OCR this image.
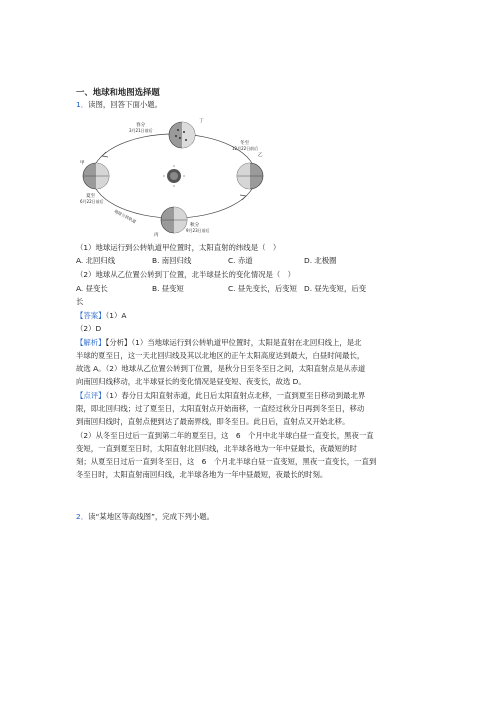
一、地球和地图选择题
1．读图，回答下面小题。
春分
3月21日前后
丁
冬至
12月22日前后
乙
夏至
6月22日前后
甲
秋分
9月23日前后
丙
地球公转轨道
（1）地球运行到公转轨道甲位置时，太阳直射的纬线是（　）
A. 北回归线	B. 南回归线	C. 赤道	D. 北极圈
（2）地球从乙位置公转到丁位置，北半球昼长的变化情况是（　）
A. 昼变长	B. 昼变短	C. 昼先变长，后变短 D. 昼先变短，后变
长
【答案】（1）A
（2）D
【解析】【分析】（1）当地球运行到公转轨道甲位置时，太阳是直射在北回归线上，是北
半球的夏至日，这一天北回归线及其以北地区的正午太阳高度达到最大，白昼时间最长，
故选 A。（2）地球从乙位置公转到丁位置，是秋分日至冬至日之间，太阳直射点是从赤道
向南回归线移动，北半球昼长的变化情况是昼变短、夜变长，故选 D。
【点评】（1）春分日太阳直射赤道，此日后太阳直射点北移，一直到夏至日移动到最北界
限，即北回归线；过了夏至日，太阳直射点开始南移，一直经过秋分日再到冬至日，移动
到南回归线时，直射点便到达了最南界线，即冬至日。此日后，直射点又开始北移。
（2）从冬至日过后一直到第二年的夏至日，这　6　个月中北半球白昼一直变长，黑夜一直
变短，一直到夏至日时，太阳直射北回归线，北半球各地为一年中昼最长，夜最短的时
刻；从夏至日过后一直到冬至日，这　6　个月北半球白昼一直变短，黑夜一直变长，一直到
冬至日时，太阳直射南回归线，北半球各地为一年中昼最短，夜最长的时刻。
2．读“某地区等高线图”，完成下列小题。
